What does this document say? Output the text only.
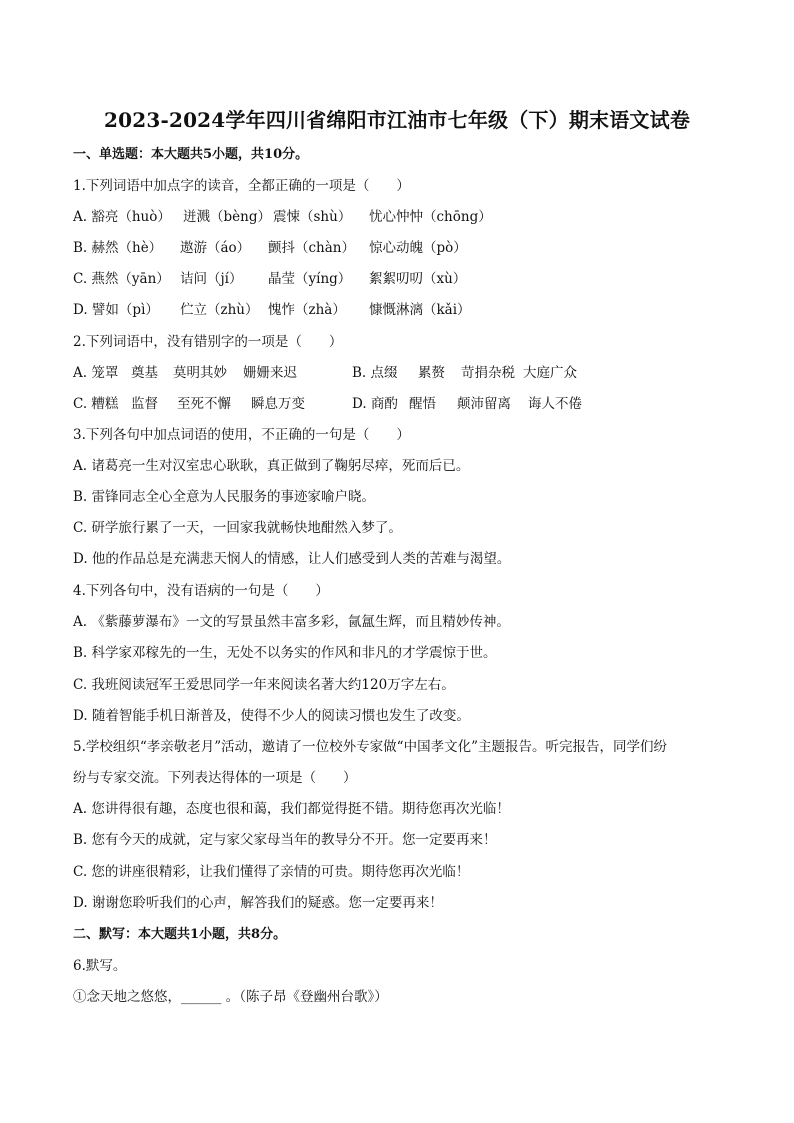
2023-2024学年四川省绵阳市江油市七年级（下）期末语文试卷
一、单选题：本大题共5小题，共10分。
1.下列词语中加点字的读音，全都正确的一项是（　　）
A. 豁亮（huò） 迸溅（bèng） 震悚（shù） 忧心忡忡（chōng）
B. 赫然（hè） 遨游（áo） 颤抖（chàn） 惊心动魄（pò）
C. 燕然（yān） 诘问（jí） 晶莹（yíng） 絮絮叨叨（xù）
D. 譬如（pì） 伫立（zhù） 愧怍（zhà） 慷慨淋漓（kǎi）
2.下列词语中，没有错别字的一项是（　　）
A. 笼罩 奠基 莫明其妙 姗姗来迟	B. 点缀 累赘 苛捐杂税 大庭广众
C. 糟糕 监督 至死不懈 瞬息万变	D. 商酌 醒悟 颠沛留离 诲人不倦
3.下列各句中加点词语的使用，不正确的一句是（　　）
A. 诸葛亮一生对汉室忠心耿耿，真正做到了鞠躬尽瘁，死而后已。
B. 雷锋同志全心全意为人民服务的事迹家喻户晓。
C. 研学旅行累了一天，一回家我就畅快地酣然入梦了。
D. 他的作品总是充满悲天悯人的情感，让人们感受到人类的苦难与渴望。
4.下列各句中，没有语病的一句是（　　）
A. 《紫藤萝瀑布》一文的写景虽然丰富多彩，氤氲生辉，而且精妙传神。
B. 科学家邓稼先的一生，无处不以务实的作风和非凡的才学震惊于世。
C. 我班阅读冠军王爱思同学一年来阅读名著大约120万字左右。
D. 随着智能手机日渐普及，使得不少人的阅读习惯也发生了改变。
5.学校组织“孝亲敬老月”活动，邀请了一位校外专家做“中国孝文化”主题报告。听完报告，同学们纷
纷与专家交流。下列表达得体的一项是（　　）
A. 您讲得很有趣，态度也很和蔼，我们都觉得挺不错。期待您再次光临！
B. 您有今天的成就，定与家父家母当年的教导分不开。您一定要再来！
C. 您的讲座很精彩，让我们懂得了亲情的可贵。期待您再次光临！
D. 谢谢您聆听我们的心声，解答我们的疑惑。您一定要再来！
二、默写：本大题共1小题，共8分。
6.默写。
①念天地之悠悠，______ 。（陈子昂《登幽州台歌》）
